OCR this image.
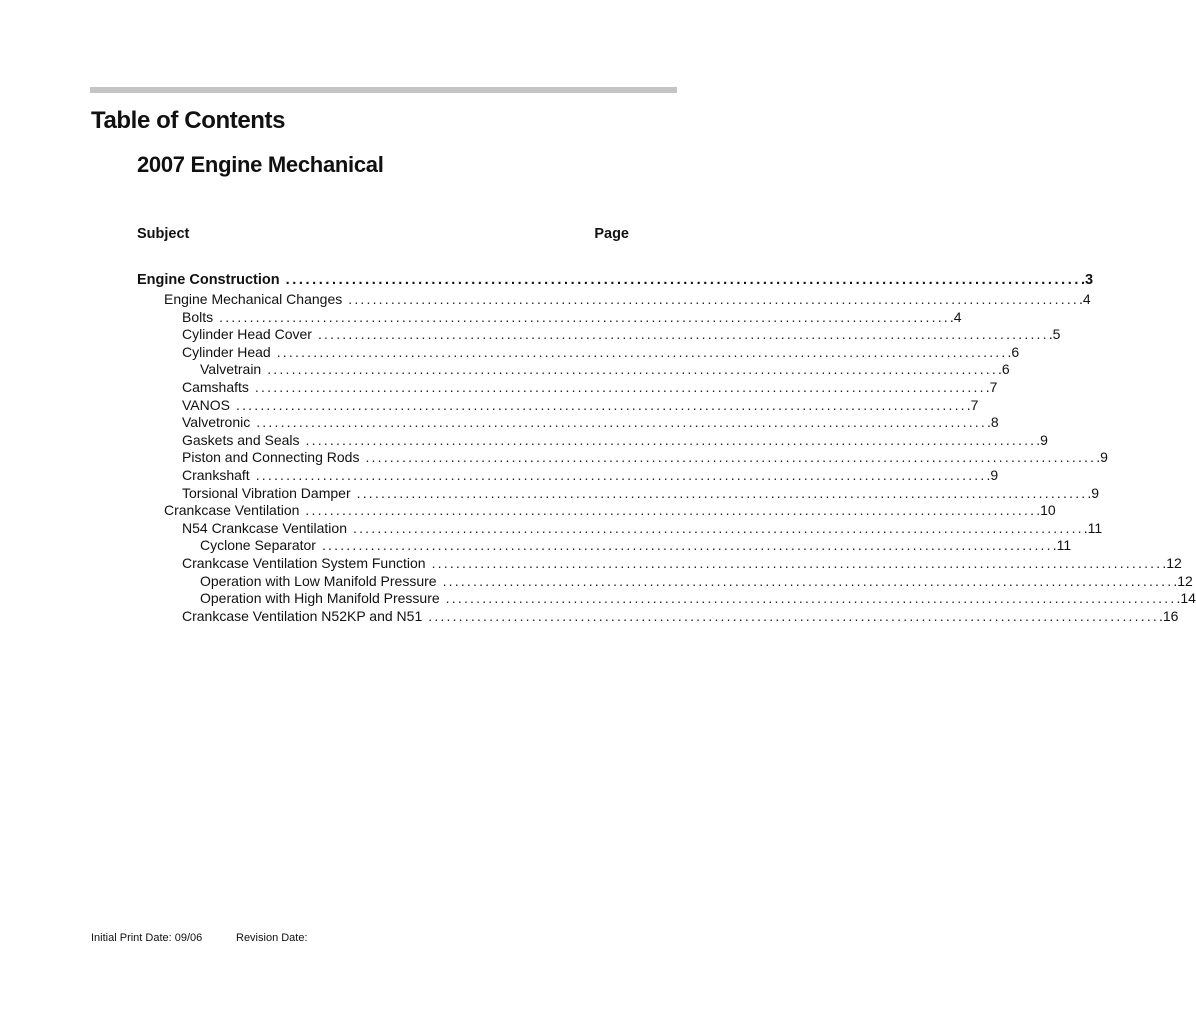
Table of Contents
2007 Engine Mechanical
Subject	Page
Engine Construction ........................................................................................................................ .3
Engine Mechanical Changes ........................................................................................................................ .4
Bolts ........................................................................................................................ .4
Cylinder Head Cover ........................................................................................................................ .5
Cylinder Head ........................................................................................................................ .6
Valvetrain ........................................................................................................................ .6
Camshafts ........................................................................................................................ .7
VANOS ........................................................................................................................ .7
Valvetronic ........................................................................................................................ .8
Gaskets and Seals ........................................................................................................................ .9
Piston and Connecting Rods ........................................................................................................................ .9
Crankshaft ........................................................................................................................ .9
Torsional Vibration Damper ........................................................................................................................ .9
Crankcase Ventilation ........................................................................................................................ .10
N54 Crankcase Ventilation ........................................................................................................................ .11
Cyclone Separator ........................................................................................................................ .11
Crankcase Ventilation System Function ........................................................................................................................ .12
Operation with Low Manifold Pressure ........................................................................................................................ .12
Operation with High Manifold Pressure ........................................................................................................................ .14
Crankcase Ventilation N52KP and N51 ........................................................................................................................ .16
Initial Print Date: 09/06	Revision Date:
